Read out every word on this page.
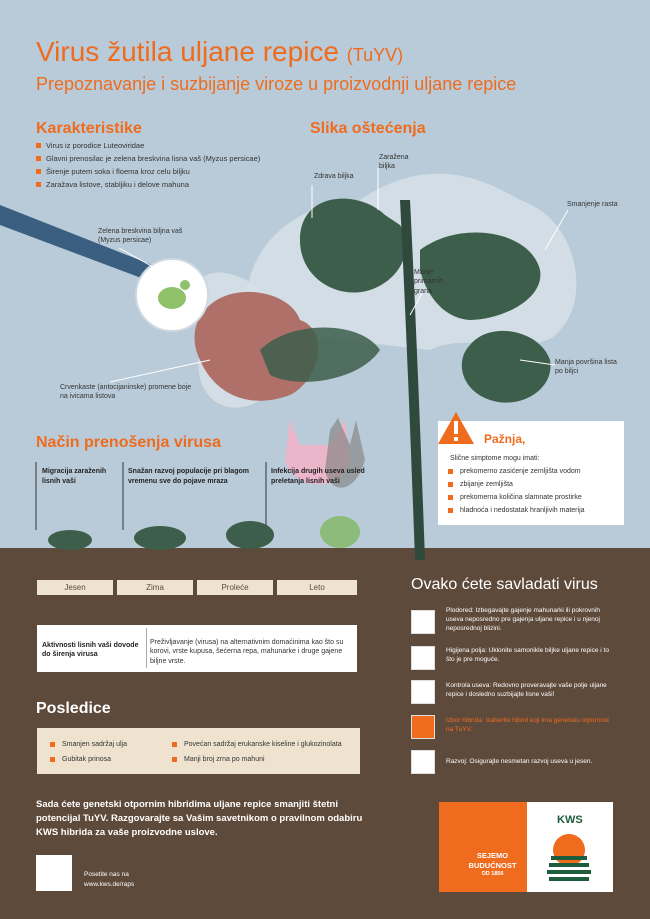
Virus žutila uljane repice (TuYV)
Prepoznavanje i suzbijanje viroze u proizvodnji uljane repice
Karakteristike
Virus iz porodice Luteoviridae
Glavni prenosilac je zelena breskvina lisna vaš (Myzus persicae)
Širenje putem soka i floema kroz celu biljku
Zaražava listove, stabljiku i delove mahuna
Slika oštećenja
Zdrava biljka
Zaražena biljka
Smanjenje rasta
Manje primarnih grana
Manja površina lista po biljci
Zelena breskvina biljna vaš (Myzus persicae)
Crvenkaste (antocijaninske) promene boje na ivicama listova
Pažnja,
Slične simptome mogu imati:
prekomerno zasićenje zemljišta vodom
zbijanje zemljišta
prekomerna količina slamnate prostirke
hladnoća i nedostatak hranljivih materija
Način prenošenja virusa
Migracija zaraženih lisnih vaši
Snažan razvoj populacije pri blagom vremenu sve do pojave mraza
Infekcija drugih useva usled preletanja lisnih vaši
Jesen	Zima	Proleće	Leto
Aktivnosti lisnih vaši dovode do širenja virusa
Preživljavanje (virusa) na alternativnim domaćinima kao što su korovi, vrste kupusa, šećerna repa, mahunarke i druge gajene biljne vrste.
Posledice
Smanjen sadržaj ulja
Gubitak prinosa
Povećan sadržaj erukanske kiseline i glukozinolata
Manji broj zrna po mahuni
Ovako ćete savladati virus
Plodored: Izbegavajte gajenje mahunarki ili pokrovnih useva neposredno pre gajenja uljane repice i u njenoj neposrednoj blizini.
Higijena polja: Uklonite samonikle biljke uljane repice i to što je pre moguće.
Kontrola useva: Redovno proveravajte vaše polje uljane repice i dosledno suzbijajte lisne vaši!
Izbor hibrida: Izaberite hibrid koji ima genetsku otpornost na TuYV.
Razvoj: Osigurajte nesmetan razvoj useva u jesen.
Sada ćete genetski otpornim hibridima uljane repice smanjiti štetni potencijal TuYV. Razgovarajte sa Vašim savetnikom o pravilnom odabiru KWS hibrida za vaše proizvodne uslove.
Posetite nas na
www.kws.de/raps
SEJEMO
BUDUĆNOST
OD 1856
KWS
